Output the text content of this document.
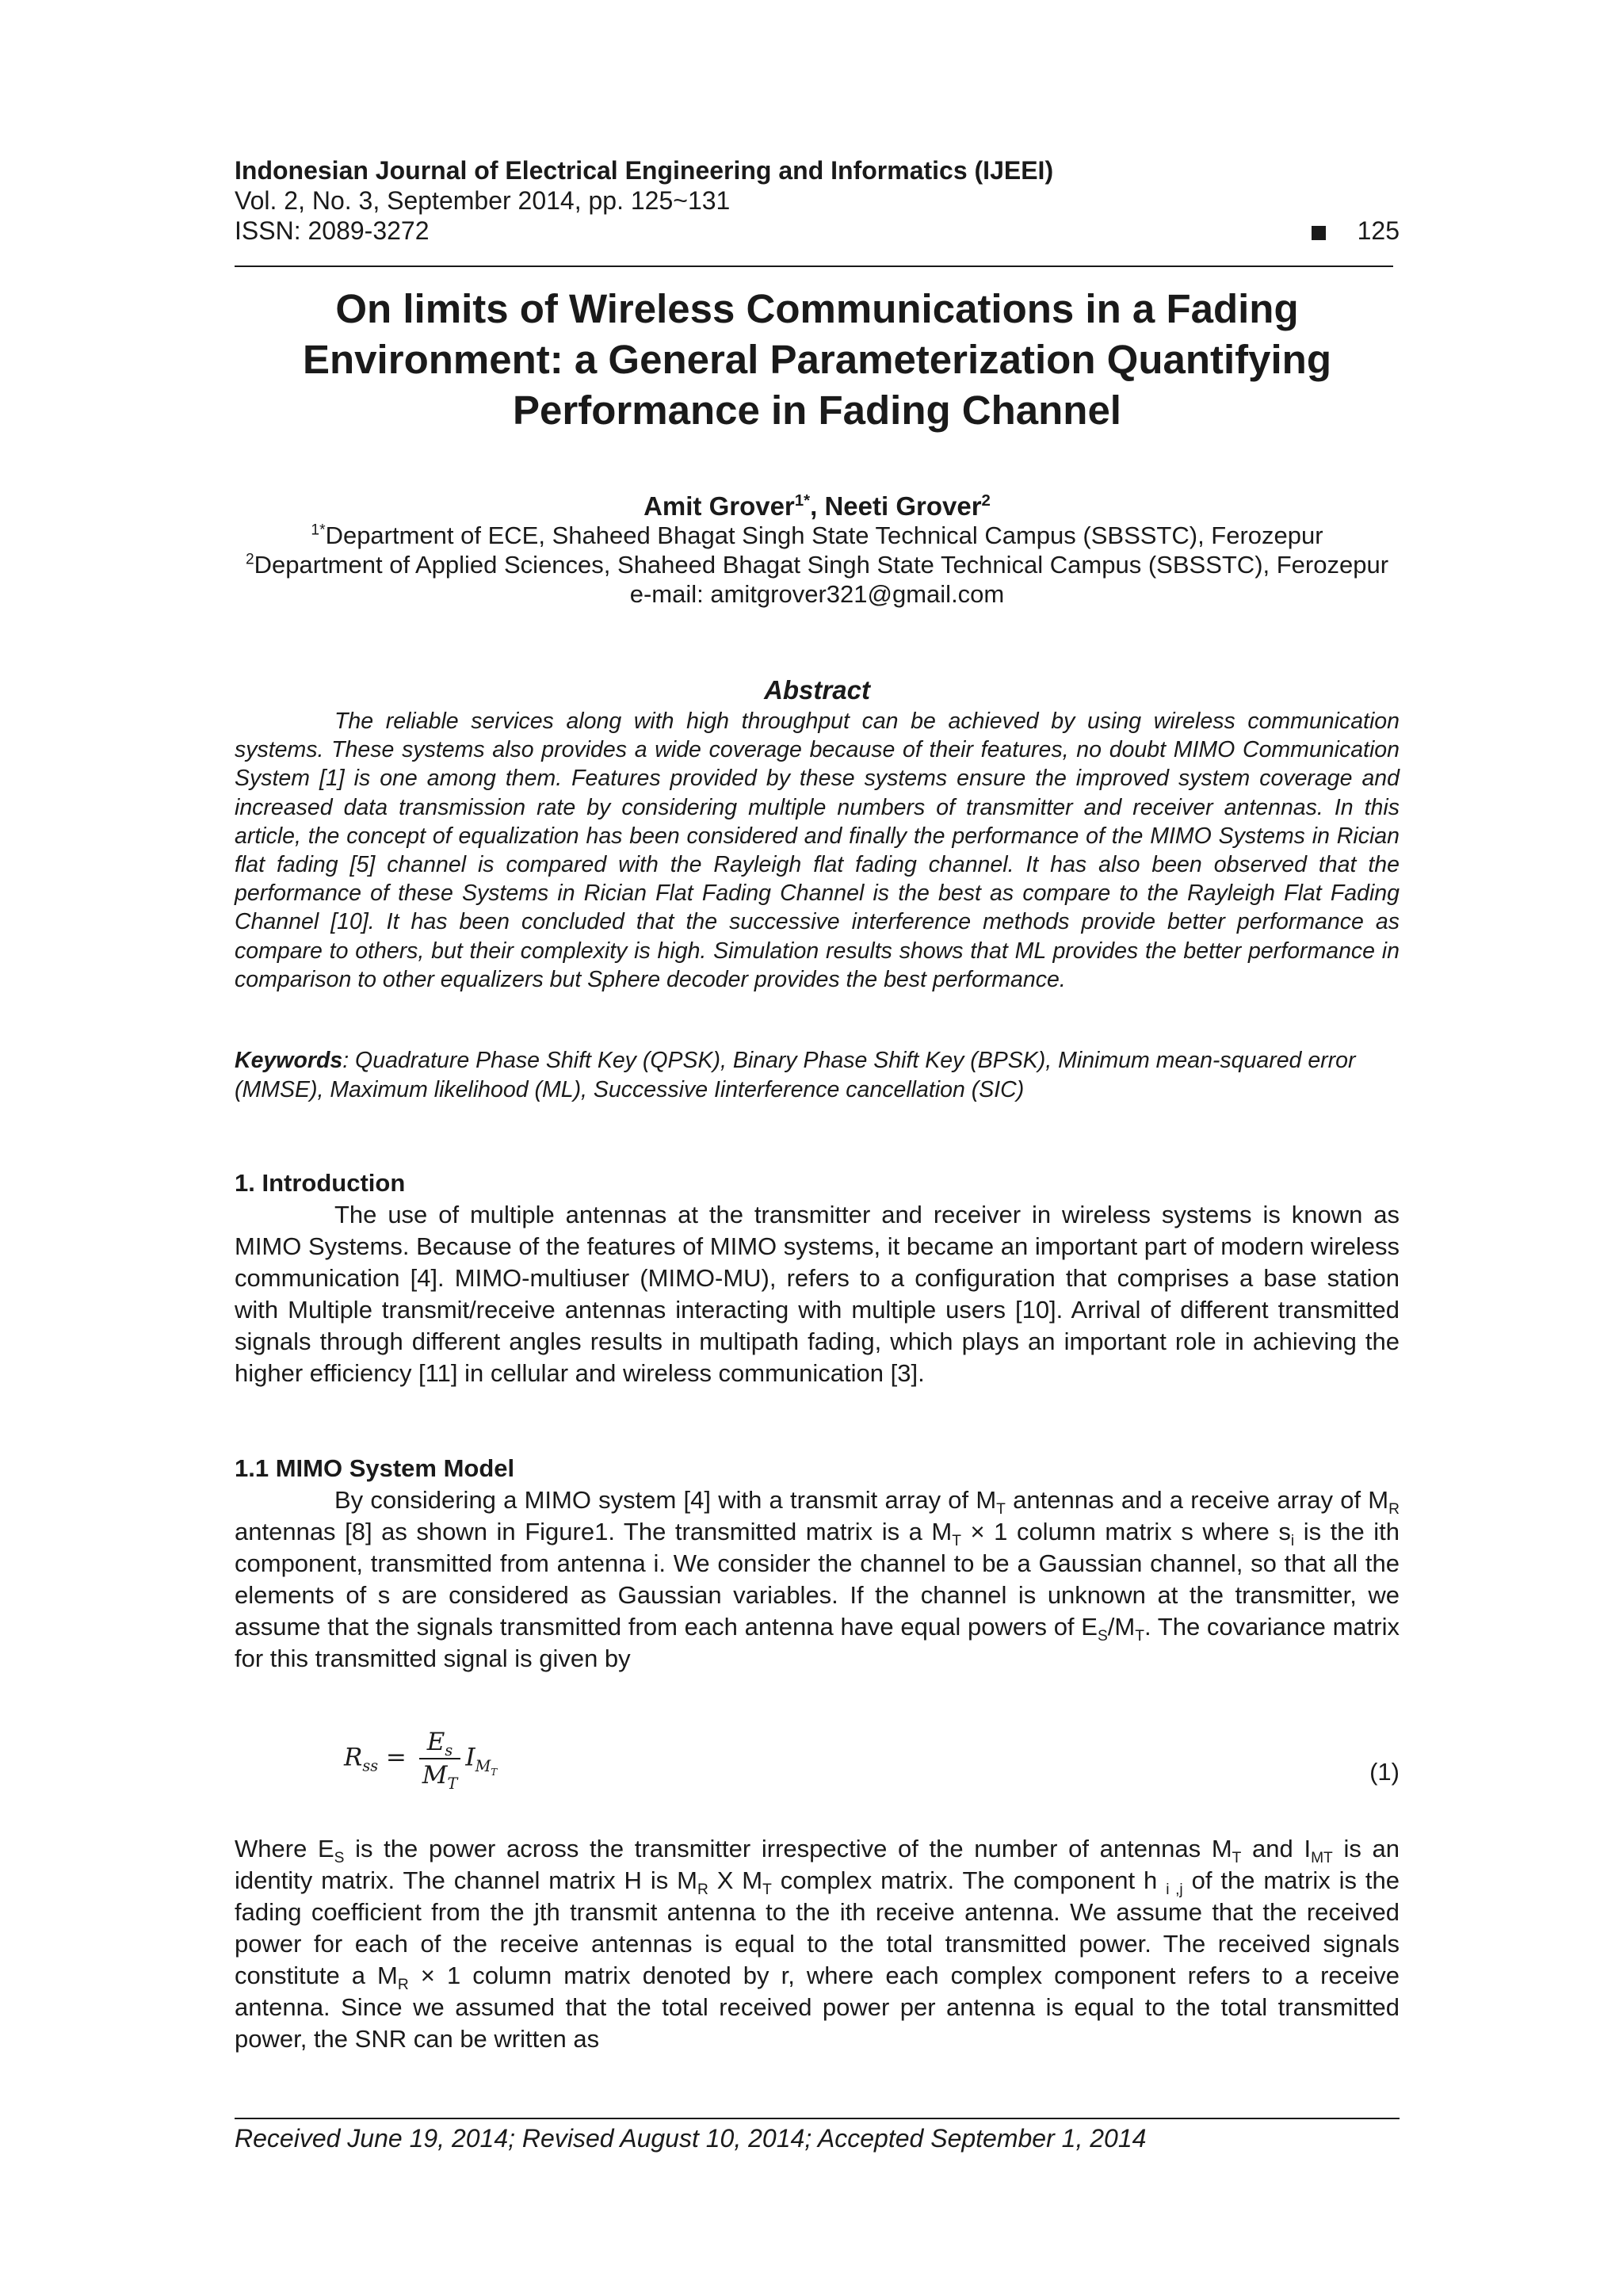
Indonesian Journal of Electrical Engineering and Informatics (IJEEI)
Vol. 2, No. 3, September 2014, pp. 125~131
ISSN: 2089-3272	125
On limits of Wireless Communications in a Fading
Environment: a General Parameterization Quantifying
Performance in Fading Channel
Amit Grover$^{1*}$, Neeti Grover$^2$
$^{1*}$Department of ECE, Shaheed Bhagat Singh State Technical Campus (SBSSTC), Ferozepur
$^2$Department of Applied Sciences, Shaheed Bhagat Singh State Technical Campus (SBSSTC), Ferozepur
e-mail: amitgrover321@gmail.com
Abstract

The reliable services along with high throughput can be achieved by using wireless communication systems. These systems also provides a wide coverage because of their features, no doubt MIMO Communication System [1] is one among them. Features provided by these systems ensure the improved system coverage and increased data transmission rate by considering multiple numbers of transmitter and receiver antennas. In this article, the concept of equalization has been considered and finally the performance of the MIMO Systems in Rician flat fading [5] channel is compared with the Rayleigh flat fading channel. It has also been observed that the performance of these Systems in Rician Flat Fading Channel is the best as compare to the Rayleigh Flat Fading Channel [10]. It has been concluded that the successive interference methods provide better performance as compare to others, but their complexity is high. Simulation results shows that ML provides the better performance in comparison to other equalizers but Sphere decoder provides the best performance.

Keywords: Quadrature Phase Shift Key (QPSK), Binary Phase Shift Key (BPSK), Minimum mean-squared error (MMSE), Maximum likelihood (ML), Successive Iinterference cancellation (SIC)

1. Introduction

The use of multiple antennas at the transmitter and receiver in wireless systems is known as MIMO Systems. Because of the features of MIMO systems, it became an important part of modern wireless communication [4]. MIMO-multiuser (MIMO-MU), refers to a configuration that comprises a base station with Multiple transmit/receive antennas interacting with multiple users [10]. Arrival of different transmitted signals through different angles results in multipath fading, which plays an important role in achieving the higher efficiency [11] in cellular and wireless communication [3].

1.1 MIMO System Model

By considering a MIMO system [4] with a transmit array of $M_T$ antennas and a receive array of $M_R$ antennas [8] as shown in Figure1. The transmitted matrix is a $M_T \times 1$ column matrix s where $s_i$ is the ith component, transmitted from antenna i. We consider the channel to be a Gaussian channel, so that all the elements of s are considered as Gaussian variables. If the channel is unknown at the transmitter, we assume that the signals transmitted from each antenna have equal powers of $E_S/M_T$. The covariance matrix for this transmitted signal is given by

$R_{ss} = \frac{E_s}{M_T} I_{M_T}$	(1)

Where $E_S$ is the power across the transmitter irrespective of the number of antennas $M_T$ and $I_{MT}$ is an identity matrix. The channel matrix H is $M_R$ X $M_T$ complex matrix. The component h $_{i ,j}$ of the matrix is the fading coefficient from the jth transmit antenna to the ith receive antenna. We assume that the received power for each of the receive antennas is equal to the total transmitted power. The received signals constitute a $M_R \times 1$ column matrix denoted by r, where each complex component refers to a receive antenna. Since we assumed that the total received power per antenna is equal to the total transmitted power, the SNR can be written as

Received June 19, 2014; Revised August 10, 2014; Accepted September 1, 2014
